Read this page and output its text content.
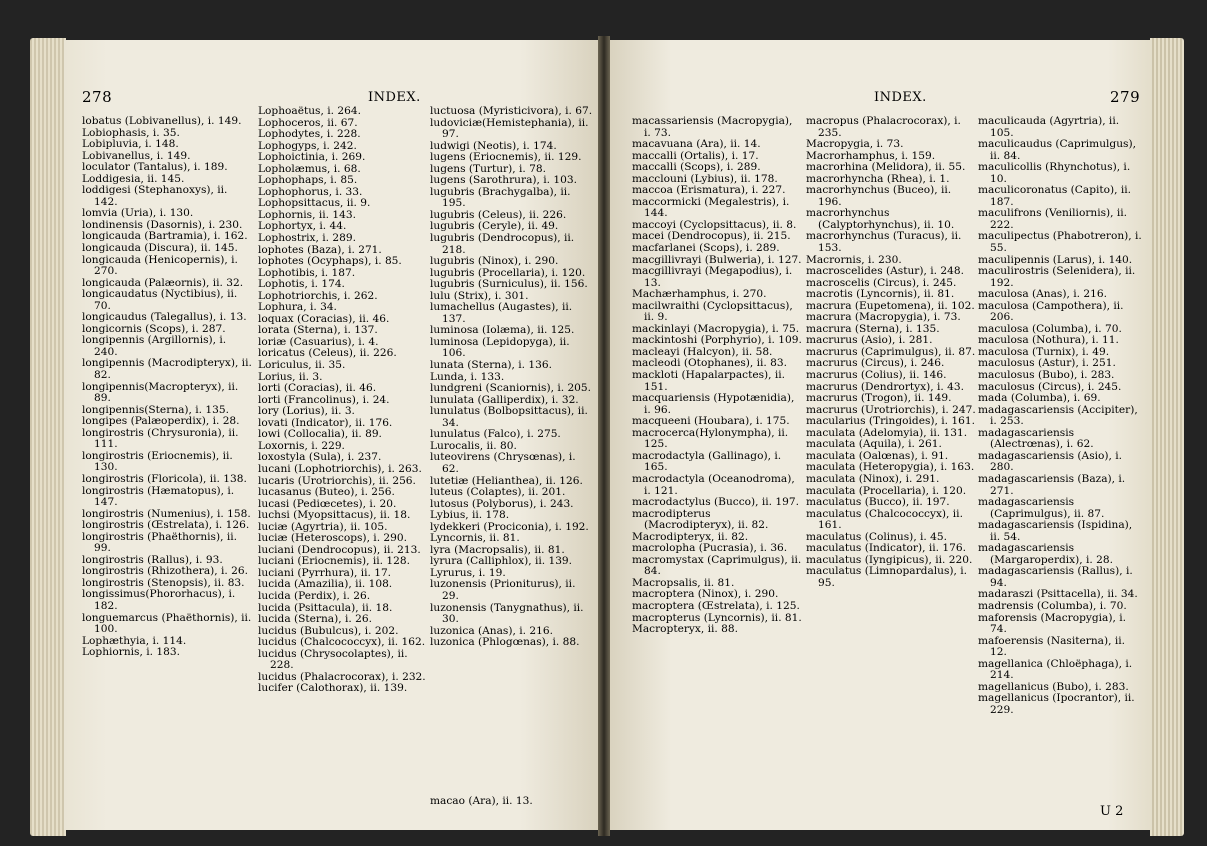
278	INDEX.	INDEX.	279
lobatus (Lobivanellus), i. 149.
Lobiophasis, i. 35.
Lobipluvia, i. 148.
Lobivanellus, i. 149.
loculator (Tantalus), i. 189.
Loddigesia, ii. 145.
loddigesi (Stephanoxys), ii. 142.
lomvia (Uria), i. 130.
londinensis (Dasornis), i. 230.
longicauda (Bartramia), i. 162.
longicauda (Discura), ii. 145.
longicauda (Henicopernis), i. 270.
longicauda (Palæornis), ii. 32.
longicaudatus (Nyctibius), ii. 70.
longicaudus (Talegallus), i. 13.
longicornis (Scops), i. 287.
longipennis (Argillornis), i. 240.
longipennis (Macrodipteryx), ii. 82.
longipennis(Macropteryx), ii. 89.
longipennis(Sterna), i. 135.
longipes (Palæoperdix), i. 28.
longirostris (Chrysuronia), ii. 111.
longirostris (Eriocnemis), ii. 130.
longirostris (Floricola), ii. 138.
longirostris (Hæmatopus), i. 147.
longirostris (Numenius), i. 158.
longirostris (Œstrelata), i. 126.
longirostris (Phaëthornis), ii. 99.
longirostris (Rallus), i. 93.
longirostris (Rhizothera), i. 26.
longirostris (Stenopsis), ii. 83.
longissimus(Phororhacus), i. 182.
longuemarcus (Phaëthornis), ii. 100.
Lophæthyia, i. 114.
Lophiornis, i. 183.
Lophoaëtus, i. 264.
Lophoceros, ii. 67.
Lophodytes, i. 228.
Lophogyps, i. 242.
Lophoictinia, i. 269.
Lopholæmus, i. 68.
Lophophaps, i. 85.
Lophophorus, i. 33.
Lophopsittacus, ii. 9.
Lophornis, ii. 143.
Lophortyx, i. 44.
Lophostrix, i. 289.
lophotes (Baza), i. 271.
lophotes (Ocyphaps), i. 85.
Lophotibis, i. 187.
Lophotis, i. 174.
Lophotriorchis, i. 262.
Lophura, i. 34.
loquax (Coracias), ii. 46.
lorata (Sterna), i. 137.
loriæ (Casuarius), i. 4.
loricatus (Celeus), ii. 226.
Loriculus, ii. 35.
Lorius, ii. 3.
lorti (Coracias), ii. 46.
lorti (Francolinus), i. 24.
lory (Lorius), ii. 3.
lovati (Indicator), ii. 176.
lowi (Collocalia), ii. 89.
Loxornis, i. 229.
loxostyla (Sula), i. 237.
lucani (Lophotriorchis), i. 263.
lucaris (Urotriorchis), ii. 256.
lucasanus (Buteo), i. 256.
lucasi (Pediœcetes), i. 20.
luchsi (Myopsittacus), ii. 18.
luciæ (Agyrtria), ii. 105.
luciæ (Heteroscops), i. 290.
luciani (Dendrocopus), ii. 213.
luciani (Eriocnemis), ii. 128.
luciani (Pyrrhura), ii. 17.
lucida (Amazilia), ii. 108.
lucida (Perdix), i. 26.
lucida (Psittacula), ii. 18.
lucida (Sterna), i. 26.
lucidus (Bubulcus), i. 202.
lucidus (Chalcococcyx), ii. 162.
lucidus (Chrysocolaptes), ii. 228.
lucidus (Phalacrocorax), i. 232.
lucifer (Calothorax), ii. 139.
luctuosa (Myristicivora), i. 67.
ludoviciæ(Hemistephania), ii. 97.
ludwigi (Neotis), i. 174.
lugens (Eriocnemis), ii. 129.
lugens (Turtur), i. 78.
lugens (Sarothrura), i. 103.
lugubris (Brachygalba), ii. 195.
lugubris (Celeus), ii. 226.
lugubris (Ceryle), ii. 49.
lugubris (Dendrocopus), ii. 218.
lugubris (Ninox), i. 290.
lugubris (Procellaria), i. 120.
lugubris (Surniculus), ii. 156.
lulu (Strix), i. 301.
lumachellus (Augastes), ii. 137.
luminosa (Iolæma), ii. 125.
luminosa (Lepidopyga), ii. 106.
lunata (Sterna), i. 136.
Lunda, i. 133.
lundgreni (Scaniornis), i. 205.
lunulata (Galliperdix), i. 32.
lunulatus (Bolbopsittacus), ii. 34.
lunulatus (Falco), i. 275.
Lurocalis, ii. 80.
luteovirens (Chrysœnas), i. 62.
lutetiæ (Helianthea), ii. 126.
luteus (Colaptes), ii. 201.
lutosus (Polyborus), i. 243.
Lybius, ii. 178.
lydekkeri (Prociconia), i. 192.
Lyncornis, ii. 81.
lyra (Macropsalis), ii. 81.
lyrura (Calliphlox), ii. 139.
Lyrurus, i. 19.
luzonensis (Prioniturus), ii. 29.
luzonensis (Tanygnathus), ii. 30.
luzonica (Anas), i. 216.
luzonica (Phlogœnas), i. 88.
macassariensis (Macropygia), i. 73.
macavuana (Ara), ii. 14.
maccalli (Ortalis), i. 17.
maccalli (Scops), i. 289.
macclouni (Lybius), ii. 178.
maccoa (Erismatura), i. 227.
maccormicki (Megalestris), i. 144.
maccoyi (Cyclopsittacus), ii. 8.
macei (Dendrocopus), ii. 215.
macfarlanei (Scops), i. 289.
macgillivrayi (Bulweria), i. 127.
macgillivrayi (Megapodius), i. 13.
Machærhamphus, i. 270.
macilwraithi (Cyclopsittacus), ii. 9.
mackinlayi (Macropygia), i. 75.
mackintoshi (Porphyrio), i. 109.
macleayi (Halcyon), ii. 58.
macleodi (Otophanes), ii. 83.
mackloti (Hapalarpactes), ii. 151.
macquariensis (Hypotænidia), i. 96.
macqueeni (Houbara), i. 175.
macrocerca(Hylonympha), ii. 125.
macrodactyla (Gallinago), i. 165.
macrodactyla (Oceanodroma), i. 121.
macrodactylus (Bucco), ii. 197.
macrodipterus (Macrodipteryx), ii. 82.
Macrodipteryx, ii. 82.
macrolopha (Pucrasia), i. 36.
macromystax (Caprimulgus), ii. 84.
Macropsalis, ii. 81.
macroptera (Ninox), i. 290.
macroptera (Œstrelata), i. 125.
macropterus (Lyncornis), ii. 81.
Macropteryx, ii. 88.
macropus (Phalacrocorax), i. 235.
Macropygia, i. 73.
Macrorhamphus, i. 159.
macrorhina (Melidora), ii. 55.
macrorhyncha (Rhea), i. 1.
macrorhynchus (Buceo), ii. 196.
macrorhynchus (Calyptorhynchus), ii. 10.
macrorhynchus (Turacus), ii. 153.
Macrornis, i. 230.
macroscelides (Astur), i. 248.
macroscelis (Circus), i. 245.
macrotis (Lyncornis), ii. 81.
macrura (Eupetomena), ii. 102.
macrura (Macropygia), i. 73.
macrura (Sterna), i. 135.
macrurus (Asio), i. 281.
macrurus (Caprimulgus), ii. 87.
macrurus (Circus), i. 246.
macrurus (Colius), ii. 146.
macrurus (Dendrortyx), i. 43.
macrurus (Trogon), ii. 149.
macrurus (Urotriorchis), i. 247.
macularius (Tringoides), i. 161.
maculata (Adelomyia), ii. 131.
maculata (Aquila), i. 261.
maculata (Oalœnas), i. 91.
maculata (Heteropygia), i. 163.
maculata (Ninox), i. 291.
maculata (Procellaria), i. 120.
maculatus (Bucco), ii. 197.
maculatus (Chalcococcyx), ii. 161.
maculatus (Colinus), i. 45.
maculatus (Indicator), ii. 176.
maculatus (Iyngipicus), ii. 220.
maculatus (Limnopardalus), i. 95.
maculicauda (Agyrtria), ii. 105.
maculicaudus (Caprimulgus), ii. 84.
maculicollis (Rhynchotus), i. 10.
maculicoronatus (Capito), ii. 187.
maculifrons (Veniliornis), ii. 222.
maculipectus (Phabotreron), i. 55.
maculipennis (Larus), i. 140.
maculirostris (Selenidera), ii. 192.
maculosa (Anas), i. 216.
maculosa (Campothera), ii. 206.
maculosa (Columba), i. 70.
maculosa (Nothura), i. 11.
maculosa (Turnix), i. 49.
maculosus (Astur), i. 251.
maculosus (Bubo), i. 283.
maculosus (Circus), i. 245.
mada (Columba), i. 69.
madagascariensis (Accipiter), i. 253.
madagascariensis (Alectrœnas), i. 62.
madagascariensis (Asio), i. 280.
madagascariensis (Baza), i. 271.
madagascariensis (Caprimulgus), ii. 87.
madagascariensis (Ispidina), ii. 54.
madagascariensis (Margaroperdix), i. 28.
madagascariensis (Rallus), i. 94.
madaraszi (Psittacella), ii. 34.
madrensis (Columba), i. 70.
maforensis (Macropygia), i. 74.
mafoerensis (Nasiterna), ii. 12.
magellanica (Chloëphaga), i. 214.
magellanicus (Bubo), i. 283.
magellanicus (Ipocrantor), ii. 229.
macao (Ara), ii. 13.
U 2
